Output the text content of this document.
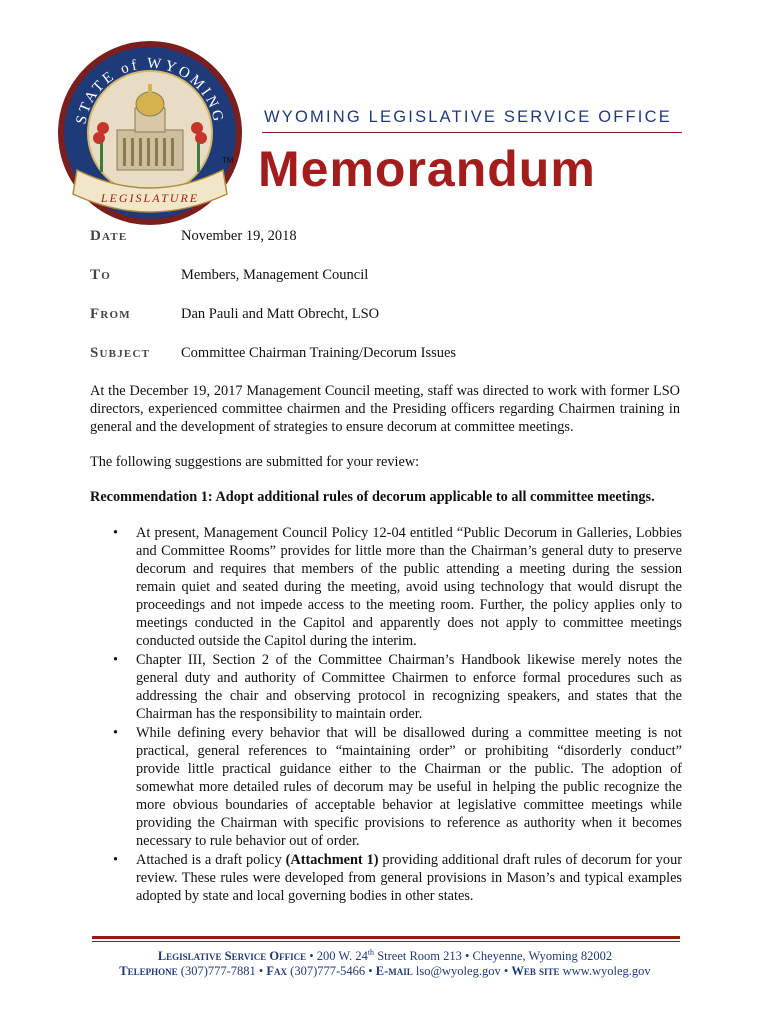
STATE of WYOMING
LEGISLATURE
TM
WYOMING LEGISLATIVE SERVICE OFFICE
Memorandum
Date	November 19, 2018
To	Members, Management Council
From	Dan Pauli and Matt Obrecht, LSO
Subject	Committee Chairman Training/Decorum Issues
At the December 19, 2017 Management Council meeting, staff was directed to work with former LSO directors, experienced committee chairmen and the Presiding officers regarding Chairmen training in general and the development of strategies to ensure decorum at committee meetings.
The following suggestions are submitted for your review:
Recommendation 1: Adopt additional rules of decorum applicable to all committee meetings.
• At present, Management Council Policy 12-04 entitled “Public Decorum in Galleries, Lobbies and Committee Rooms” provides for little more than the Chairman’s general duty to preserve decorum and requires that members of the public attending a meeting during the session remain quiet and seated during the meeting, avoid using technology that would disrupt the proceedings and not impede access to the meeting room. Further, the policy applies only to meetings conducted in the Capitol and apparently does not apply to committee meetings conducted outside the Capitol during the interim.
• Chapter III, Section 2 of the Committee Chairman’s Handbook likewise merely notes the general duty and authority of Committee Chairmen to enforce formal procedures such as addressing the chair and observing protocol in recognizing speakers, and states that the Chairman has the responsibility to maintain order.
• While defining every behavior that will be disallowed during a committee meeting is not practical, general references to “maintaining order” or prohibiting “disorderly conduct” provide little practical guidance either to the Chairman or the public. The adoption of somewhat more detailed rules of decorum may be useful in helping the public recognize the more obvious boundaries of acceptable behavior at legislative committee meetings while providing the Chairman with specific provisions to reference as authority when it becomes necessary to rule behavior out of order.
• Attached is a draft policy (Attachment 1) providing additional draft rules of decorum for your review. These rules were developed from general provisions in Mason’s and typical examples adopted by state and local governing bodies in other states.
Legislative Service Office • 200 W. 24th Street Room 213 • Cheyenne, Wyoming 82002
Telephone (307)777-7881 • Fax (307)777-5466 • E-mail lso@wyoleg.gov • Web site www.wyoleg.gov
